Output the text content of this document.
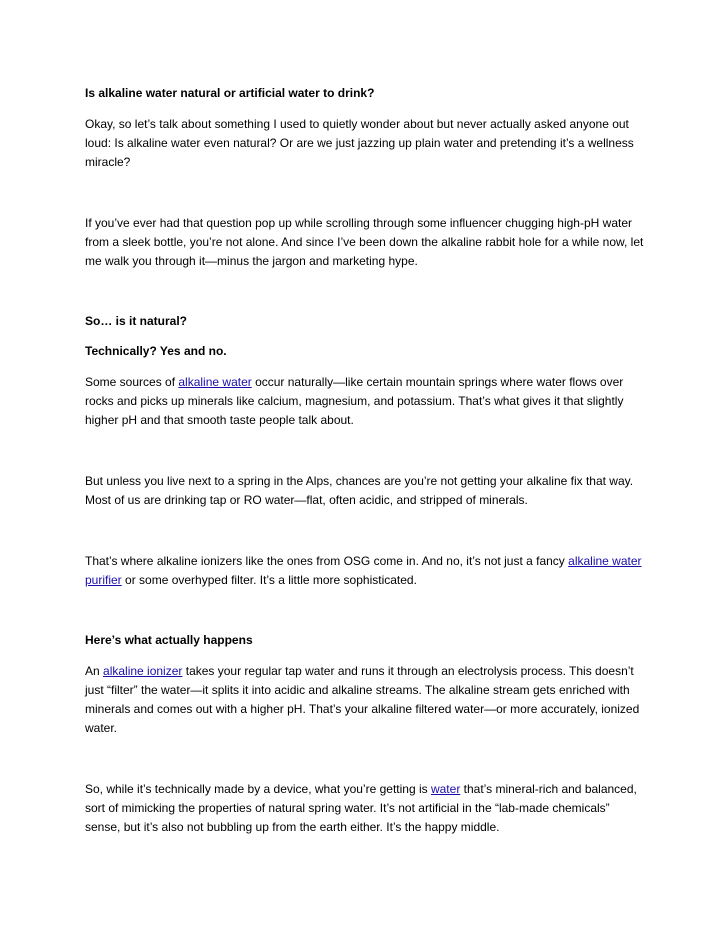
Is alkaline water natural or artificial water to drink?

Okay, so let’s talk about something I used to quietly wonder about but never actually asked anyone out loud: Is alkaline water even natural? Or are we just jazzing up plain water and pretending it’s a wellness miracle?

If you’ve ever had that question pop up while scrolling through some influencer chugging high-pH water from a sleek bottle, you’re not alone. And since I’ve been down the alkaline rabbit hole for a while now, let me walk you through it—minus the jargon and marketing hype.

So… is it natural?

Technically? Yes and no.

Some sources of alkaline water occur naturally—like certain mountain springs where water flows over rocks and picks up minerals like calcium, magnesium, and potassium. That’s what gives it that slightly higher pH and that smooth taste people talk about.

But unless you live next to a spring in the Alps, chances are you’re not getting your alkaline fix that way. Most of us are drinking tap or RO water—flat, often acidic, and stripped of minerals.

That’s where alkaline ionizers like the ones from OSG come in. And no, it’s not just a fancy alkaline water purifier or some overhyped filter. It’s a little more sophisticated.

Here’s what actually happens

An alkaline ionizer takes your regular tap water and runs it through an electrolysis process. This doesn’t just “filter” the water—it splits it into acidic and alkaline streams. The alkaline stream gets enriched with minerals and comes out with a higher pH. That’s your alkaline filtered water—or more accurately, ionized water.

So, while it’s technically made by a device, what you’re getting is water that’s mineral-rich and balanced, sort of mimicking the properties of natural spring water. It’s not artificial in the “lab-made chemicals” sense, but it’s also not bubbling up from the earth either. It’s the happy middle.
